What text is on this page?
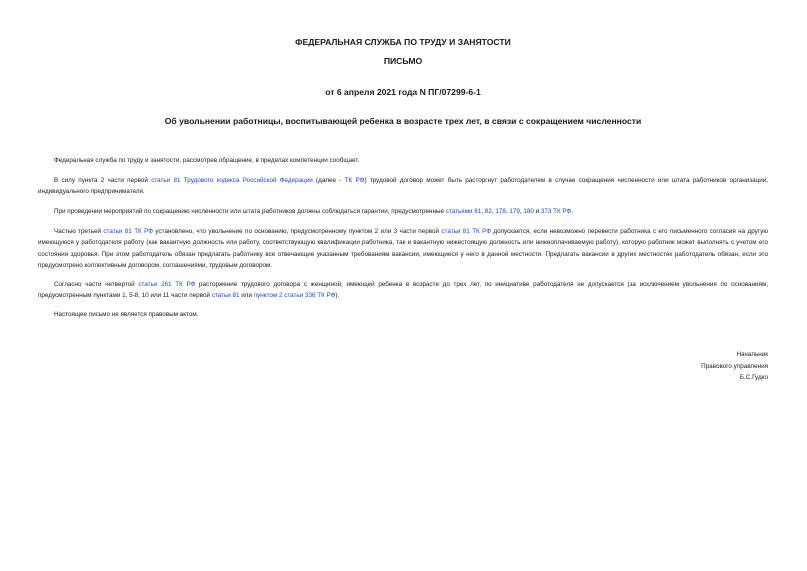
ФЕДЕРАЛЬНАЯ СЛУЖБА ПО ТРУДУ И ЗАНЯТОСТИ
ПИСЬМО
от 6 апреля 2021 года N ПГ/07299-6-1
Об увольнении работницы, воспитывающей ребенка в возрасте трех лет, в связи с сокращением численности
Федеральная служба по труду и занятости, рассмотрев обращение, в пределах компетенции сообщает.
В силу пункта 2 части первой статьи 81 Трудового кодекса Российской Федерации (далее - ТК РФ) трудовой договор может быть расторгнут работодателем в случае сокращения численности или штата работников организации, индивидуального предпринимателя.
При проведении мероприятий по сокращению численности или штата работников должны соблюдаться гарантии, предусмотренные статьями 81, 82, 178, 179, 180 и 373 ТК РФ.
Частью третьей статьи 81 ТК РФ установлено, что увольнение по основанию, предусмотренному пунктом 2 или 3 части первой статьи 81 ТК РФ допускается, если невозможно перевести работника с его письменного согласия на другую имеющуюся у работодателя работу (как вакантную должность или работу, соответствующую квалификации работника, так и вакантную нижестоящую должность или нижеоплачиваемую работу), которую работник может выполнять с учетом его состояния здоровья. При этом работодатель обязан предлагать работнику все отвечающие указанным требованиям вакансии, имеющиеся у него в данной местности. Предлагать вакансии в других местностях работодатель обязан, если это предусмотрено коллективным договором, соглашениями, трудовым договором.
Согласно части четвертой статьи 261 ТК РФ расторжение трудового договора с женщиной, имеющей ребенка в возрасте до трех лет, по инициативе работодателя не допускается (за исключением увольнения по основаниям, предусмотренным пунктами 1, 5-8, 10 или 11 части первой статьи 81 или пунктом 2 статьи 336 ТК РФ).
Настоящее письмо не является правовым актом.
Начальник
Правового управления
Б.С.Гудко
